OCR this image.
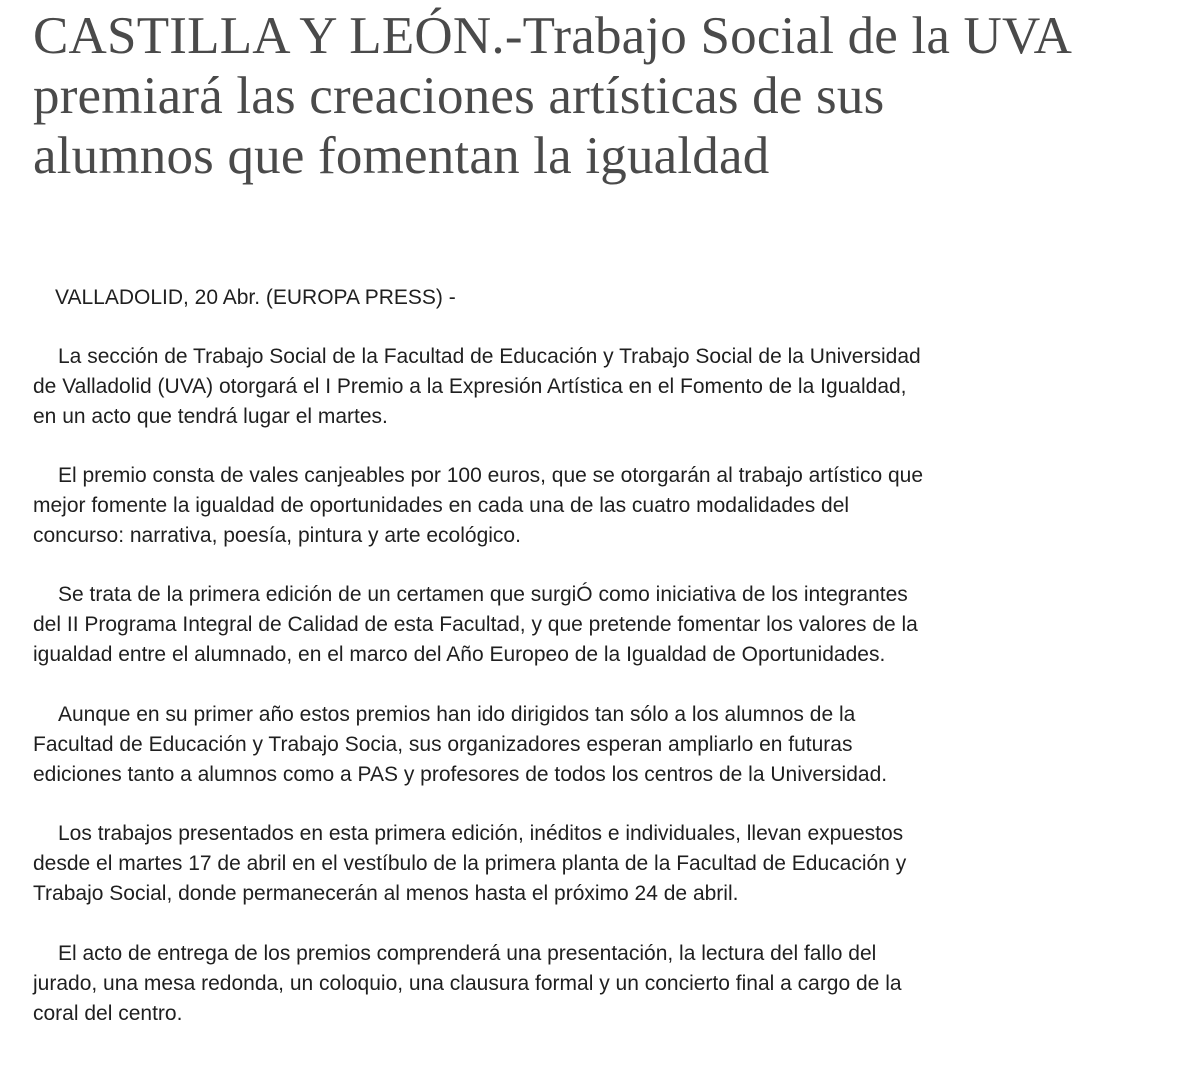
CASTILLA Y LEÓN.-Trabajo Social de la UVA
premiará las creaciones artísticas de sus
alumnos que fomentan la igualdad

VALLADOLID, 20 Abr. (EUROPA PRESS) -

La sección de Trabajo Social de la Facultad de Educación y Trabajo Social de la Universidad
de Valladolid (UVA) otorgará el I Premio a la Expresión Artística en el Fomento de la Igualdad,
en un acto que tendrá lugar el martes.

El premio consta de vales canjeables por 100 euros, que se otorgarán al trabajo artístico que
mejor fomente la igualdad de oportunidades en cada una de las cuatro modalidades del
concurso: narrativa, poesía, pintura y arte ecológico.

Se trata de la primera edición de un certamen que surgiÓ como iniciativa de los integrantes
del II Programa Integral de Calidad de esta Facultad, y que pretende fomentar los valores de la
igualdad entre el alumnado, en el marco del Año Europeo de la Igualdad de Oportunidades.

Aunque en su primer año estos premios han ido dirigidos tan sólo a los alumnos de la
Facultad de Educación y Trabajo Socia, sus organizadores esperan ampliarlo en futuras
ediciones tanto a alumnos como a PAS y profesores de todos los centros de la Universidad.

Los trabajos presentados en esta primera edición, inéditos e individuales, llevan expuestos
desde el martes 17 de abril en el vestíbulo de la primera planta de la Facultad de Educación y
Trabajo Social, donde permanecerán al menos hasta el próximo 24 de abril.

El acto de entrega de los premios comprenderá una presentación, la lectura del fallo del
jurado, una mesa redonda, un coloquio, una clausura formal y un concierto final a cargo de la
coral del centro.
